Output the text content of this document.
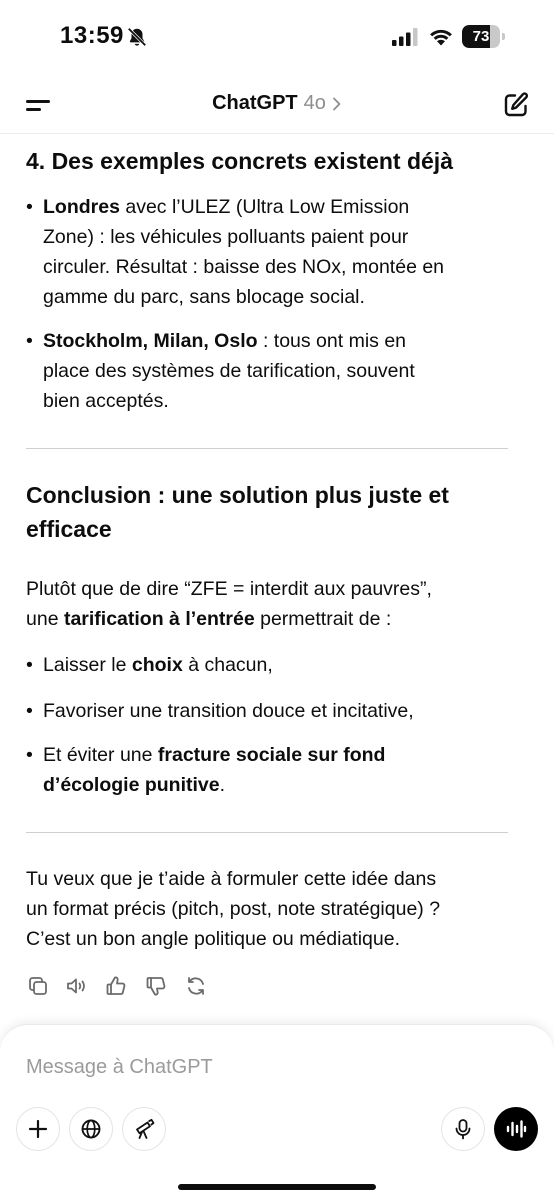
13:59	73
ChatGPT 4o
4. Des exemples concrets existent déjà
• Londres avec l’ULEZ (Ultra Low Emission
Zone) : les véhicules polluants paient pour
circuler. Résultat : baisse des NOx, montée en
gamme du parc, sans blocage social.
• Stockholm, Milan, Oslo : tous ont mis en
place des systèmes de tarification, souvent
bien acceptés.
Conclusion : une solution plus juste et
efficace
Plutôt que de dire “ZFE = interdit aux pauvres”,
une tarification à l’entrée permettrait de :
• Laisser le choix à chacun,
• Favoriser une transition douce et incitative,
• Et éviter une fracture sociale sur fond
d’écologie punitive.
Tu veux que je t’aide à formuler cette idée dans
un format précis (pitch, post, note stratégique) ?
C’est un bon angle politique ou médiatique.
Message à ChatGPT
